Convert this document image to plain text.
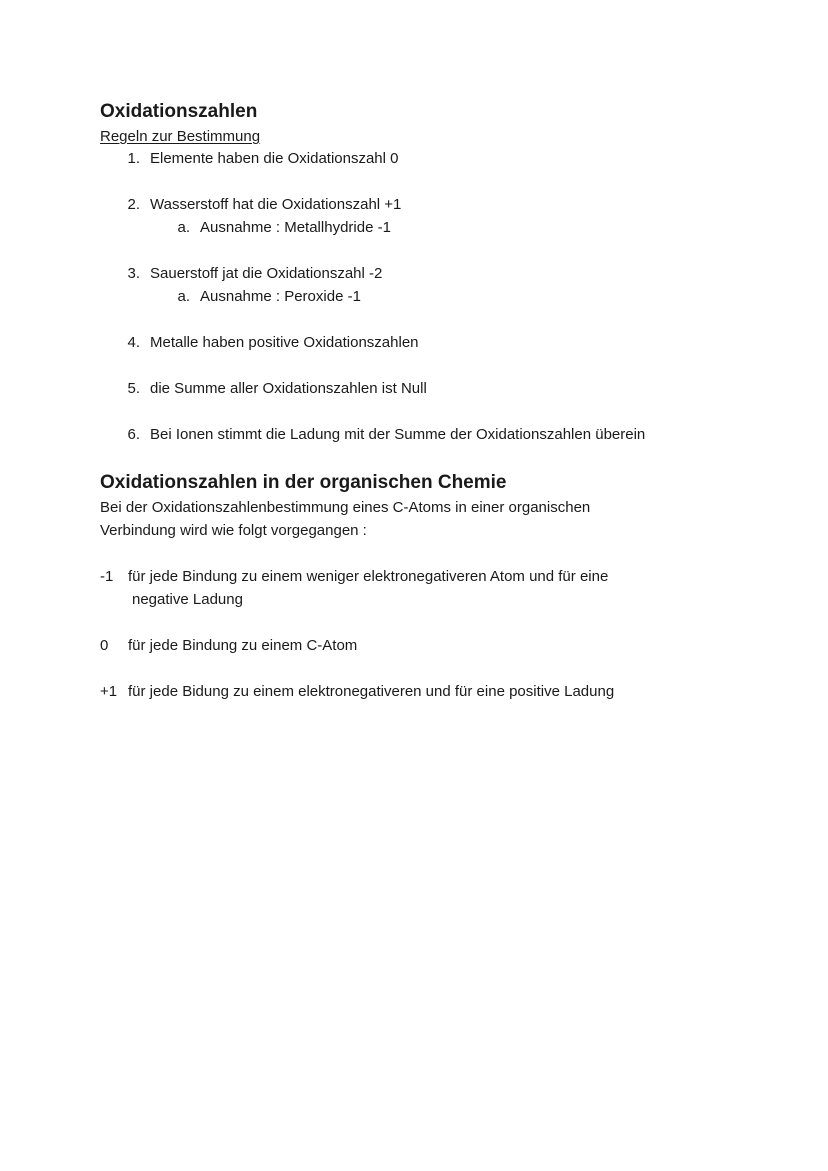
Oxidationszahlen
Regeln zur Bestimmung
1. Elemente haben die Oxidationszahl 0
2. Wasserstoff hat die Oxidationszahl +1
a. Ausnahme : Metallhydride -1
3. Sauerstoff jat die Oxidationszahl -2
a. Ausnahme : Peroxide -1
4. Metalle haben positive Oxidationszahlen
5. die Summe aller Oxidationszahlen ist Null
6. Bei Ionen stimmt die Ladung mit der Summe der Oxidationszahlen überein
Oxidationszahlen in der organischen Chemie
Bei der Oxidationszahlenbestimmung eines C-Atoms in einer organischen
Verbindung wird wie folgt vorgegangen :
-1 für jede Bindung zu einem weniger elektronegativeren Atom und für eine
negative Ladung
0 für jede Bindung zu einem C-Atom
+1 für jede Bidung zu einem elektronegativeren und für eine positive Ladung
